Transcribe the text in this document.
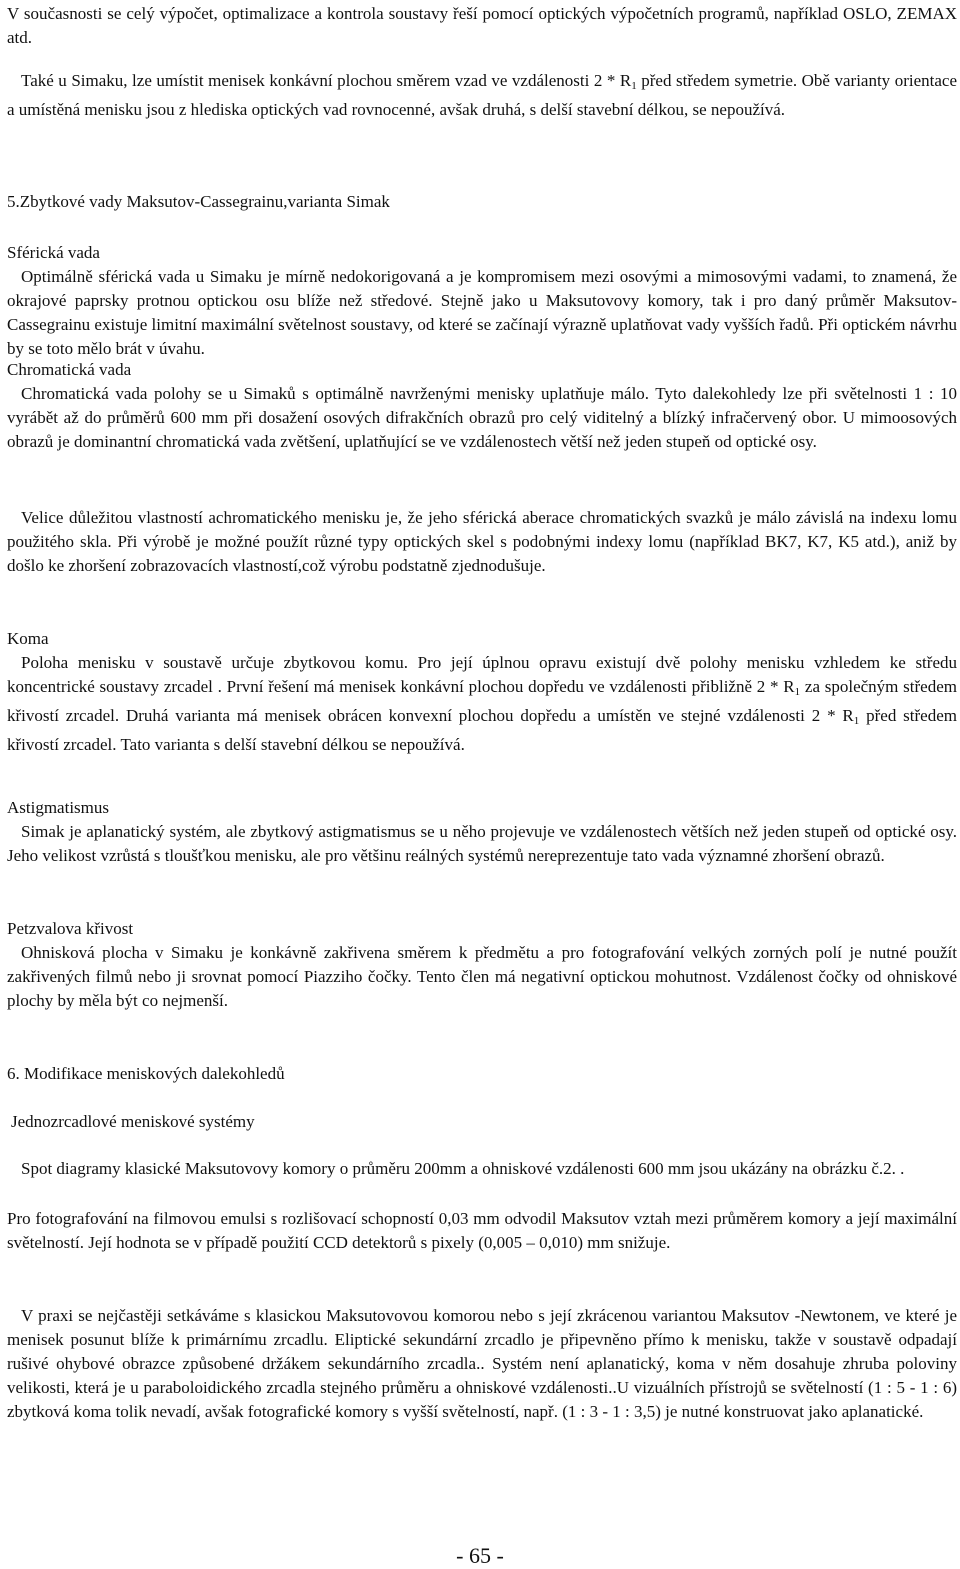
V současnosti se celý výpočet, optimalizace a kontrola soustavy řeší pomocí optických výpočetních programů, například OSLO, ZEMAX atd.
Také u Simaku, lze umístit menisek konkávní plochou směrem vzad ve vzdálenosti $2 * R_1$ před středem symetrie. Obě varianty orientace a umístěná menisku jsou z hlediska optických vad rovnocenné, avšak druhá, s delší stavební délkou, se nepoužívá.
5.Zbytkové vady Maksutov-Cassegrainu,varianta Simak
Sférická vada
Optimálně sférická vada u Simaku je mírně nedokorigovaná a je kompromisem mezi osovými a mimosovými vadami, to znamená, že okrajové paprsky protnou optickou osu blíže než středové. Stejně jako u Maksutovovy komory, tak i pro daný průměr Maksutov-Cassegrainu existuje limitní maximální světelnost soustavy, od které se začínají výrazně uplatňovat vady vyšších řadů. Při optickém návrhu by se toto mělo brát v úvahu.
Chromatická vada
Chromatická vada polohy se u Simaků s optimálně navrženými menisky uplatňuje málo. Tyto dalekohledy lze při světelnosti 1 : 10 vyrábět až do průměrů 600 mm při dosažení osových difrakčních obrazů pro celý viditelný a blízký infračervený obor. U mimoosových obrazů je dominantní chromatická vada zvětšení, uplatňující se ve vzdálenostech větší než jeden stupeň od optické osy.
Velice důležitou vlastností achromatického menisku je, že jeho sférická aberace chromatických svazků je málo závislá na indexu lomu použitého skla. Při výrobě je možné použít různé typy optických skel s podobnými indexy lomu (například BK7, K7, K5 atd.), aniž by došlo ke zhoršení zobrazovacích vlastností,což výrobu podstatně zjednodušuje.
Koma
Poloha menisku v soustavě určuje zbytkovou komu. Pro její úplnou opravu existují dvě polohy menisku vzhledem ke středu koncentrické soustavy zrcadel . První řešení má menisek konkávní plochou dopředu ve vzdálenosti přibližně $2 * R_1$ za společným středem křivostí zrcadel. Druhá varianta má menisek obrácen konvexní plochou dopředu a umístěn ve stejné vzdálenosti $2 * R_1$ před středem křivostí zrcadel. Tato varianta s delší stavební délkou se nepoužívá.
Astigmatismus
Simak je aplanatický systém, ale zbytkový astigmatismus se u něho projevuje ve vzdálenostech větších než jeden stupeň od optické osy. Jeho velikost vzrůstá s tloušťkou menisku, ale pro většinu reálných systémů nereprezentuje tato vada významné zhoršení obrazů.
Petzvalova křivost
Ohnisková plocha v Simaku je konkávně zakřivena směrem k předmětu a pro fotografování velkých zorných polí je nutné použít zakřivených filmů nebo ji srovnat pomocí Piazziho čočky. Tento člen má negativní optickou mohutnost. Vzdálenost čočky od ohniskové plochy by měla být co nejmenší.
6. Modifikace meniskových dalekohledů
Jednozrcadlové meniskové systémy
Spot diagramy klasické Maksutovovy komory o průměru 200mm a ohniskové vzdálenosti 600 mm jsou ukázány na obrázku č.2. .
Pro fotografování na filmovou emulsi s rozlišovací schopností 0,03 mm odvodil Maksutov vztah mezi průměrem komory a její maximální světelností. Její hodnota se v případě použití CCD detektorů s pixely (0,005 – 0,010) mm snižuje.
V praxi se nejčastěji setkáváme s klasickou Maksutovovou komorou nebo s její zkrácenou variantou Maksutov -Newtonem, ve které je menisek posunut blíže k primárnímu zrcadlu. Eliptické sekundární zrcadlo je připevněno přímo k menisku, takže v soustavě odpadají rušivé ohybové obrazce způsobené držákem sekundárního zrcadla.. Systém není aplanatický, koma v něm dosahuje zhruba poloviny velikosti, která je u paraboloidického zrcadla stejného průměru a ohniskové vzdálenosti..U vizuálních přístrojů se světelností (1 : 5 - 1 : 6) zbytková koma tolik nevadí, avšak fotografické komory s vyšší světelností, např. (1 : 3 - 1 : 3,5) je nutné konstruovat jako aplanatické.
- 65 -
